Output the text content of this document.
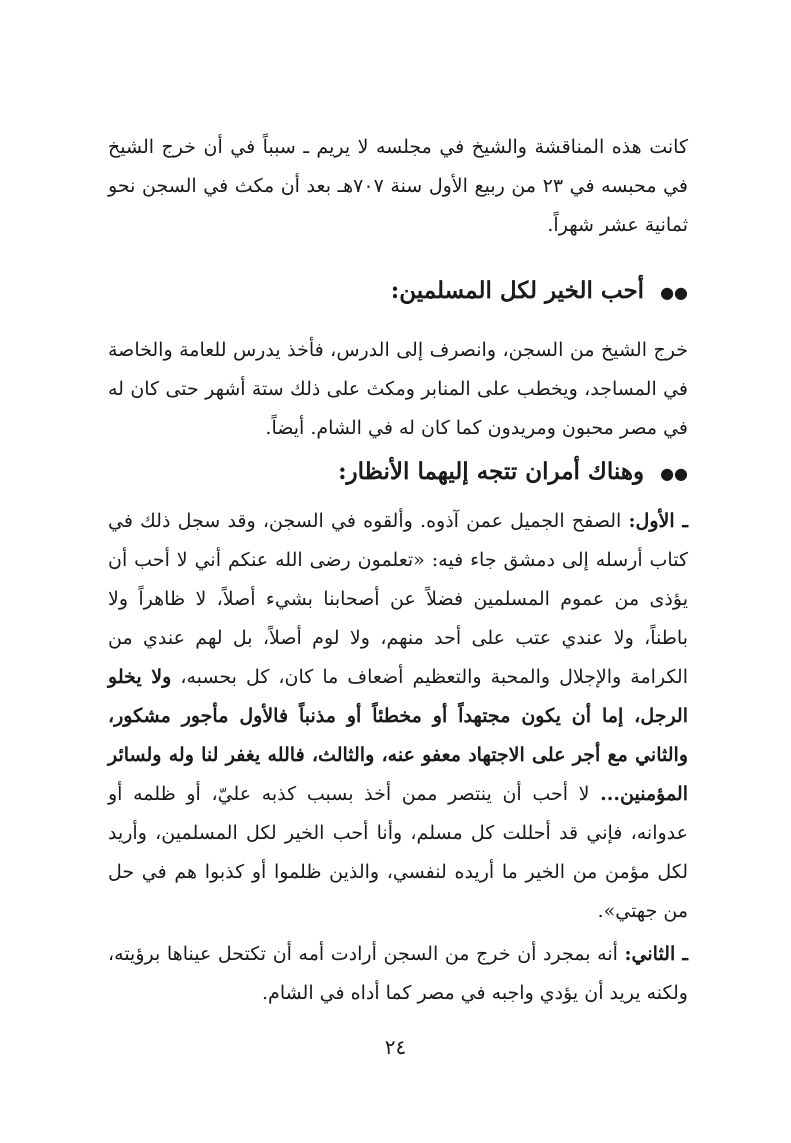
كانت هذه المناقشة والشيخ في مجلسه لا يريم ـ سبباً في أن خرج الشيخ في محبسه في ٢٣ من ربيع الأول سنة ٧٠٧هـ بعد أن مكث في السجن نحو ثمانية عشر شهراً.

●● أحب الخير لكل المسلمين:

خرج الشيخ من السجن، وانصرف إلى الدرس، فأخذ يدرس للعامة والخاصة في المساجد، ويخطب على المنابر ومكث على ذلك ستة أشهر حتى كان له في مصر محبون ومريدون كما كان له في الشام. أيضاً.

●● وهناك أمران تتجه إليهما الأنظار:

ـ الأول: الصفح الجميل عمن آذوه. وألقوه في السجن، وقد سجل ذلك في كتاب أرسله إلى دمشق جاء فيه: «تعلمون رضى الله عنكم أني لا أحب أن يؤذى من عموم المسلمين فضلاً عن أصحابنا بشيء أصلاً، لا ظاهراً ولا باطناً، ولا عندي عتب على أحد منهم، ولا لوم أصلاً، بل لهم عندي من الكرامة والإجلال والمحبة والتعظيم أضعاف ما كان، كل بحسبه، ولا يخلو الرجل، إما أن يكون مجتهداً أو مخطئاً أو مذنباً فالأول مأجور مشكور، والثاني مع أجر على الاجتهاد معفو عنه، والثالث، فالله يغفر لنا وله ولسائر المؤمنين... لا أحب أن ينتصر ممن أخذ بسبب كذبه عليّ، أو ظلمه أو عدوانه، فإني قد أحللت كل مسلم، وأنا أحب الخير لكل المسلمين، وأريد لكل مؤمن من الخير ما أريده لنفسي، والذين ظلموا أو كذبوا هم في حل من جهتي».

ـ الثاني: أنه بمجرد أن خرج من السجن أرادت أمه أن تكتحل عيناها برؤيته، ولكنه يريد أن يؤدي واجبه في مصر كما أداه في الشام.

٢٤
